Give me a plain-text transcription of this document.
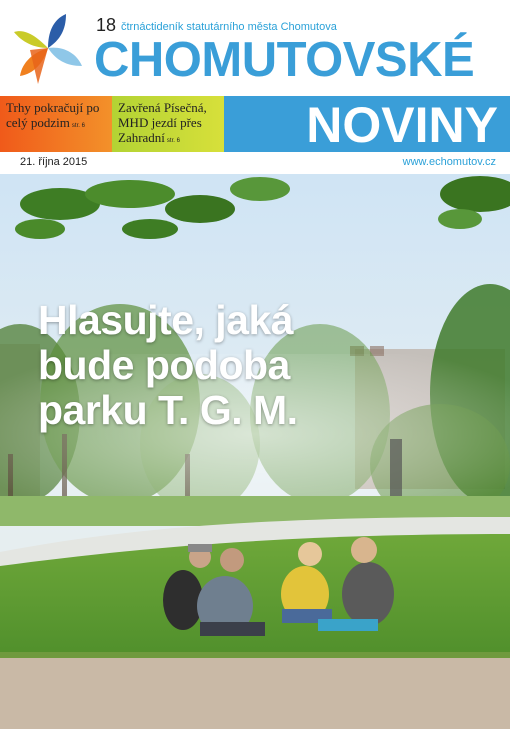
18 čtrnáctideník statutárního města Chomutova
CHOMUTOVSKÉ
Trhy pokračují po celý podzim str. 6
Zavřená Písečná, MHD jezdí přes Zahradní str. 6	NOVINY
21. října 2015	www.echomutov.cz
Hlasujte, jaká bude podoba parku T. G. M.
